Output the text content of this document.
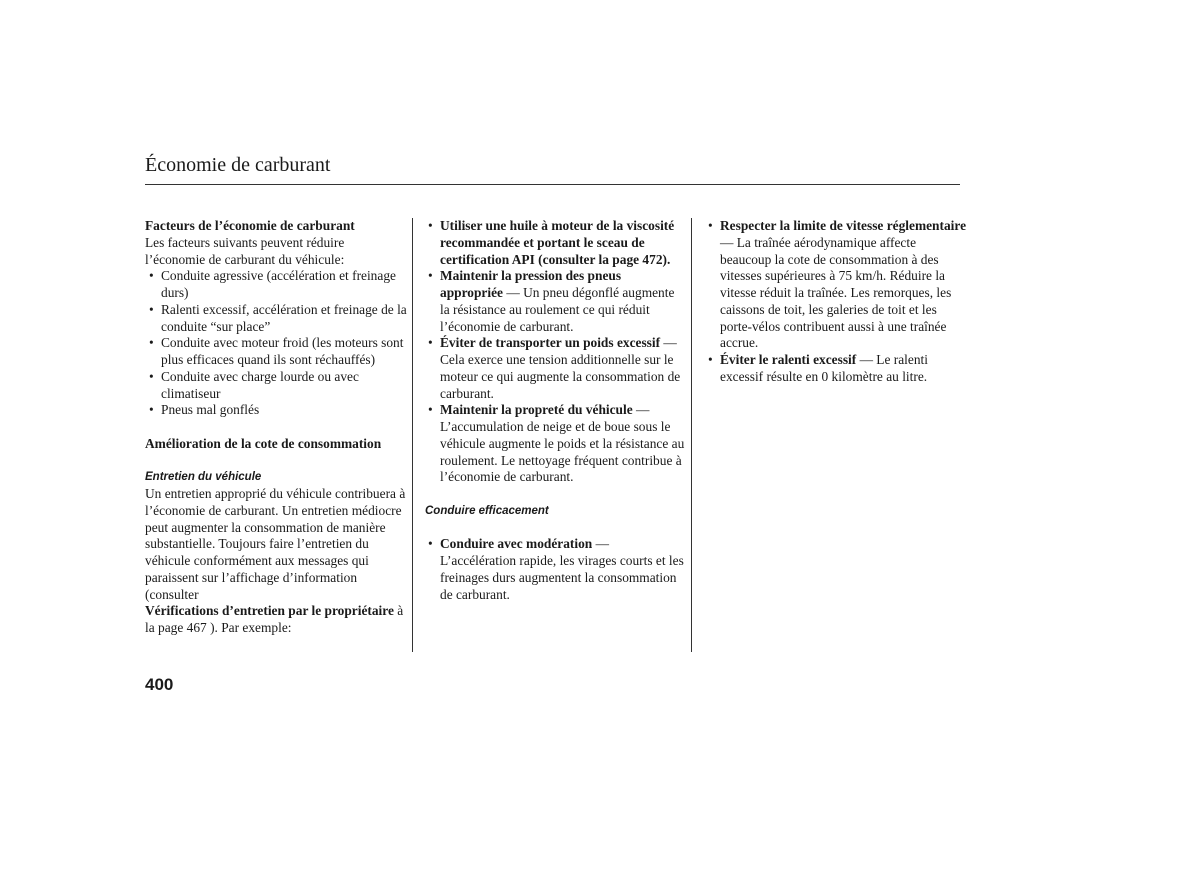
Économie de carburant
Facteurs de l’économie de carburant

Les facteurs suivants peuvent réduire l’économie de carburant du véhicule:

• Conduite agressive (accélération et freinage durs)
• Ralenti excessif, accélération et freinage de la conduite “sur place”
• Conduite avec moteur froid (les moteurs sont plus efficaces quand ils sont réchauffés)
• Conduite avec charge lourde ou avec climatiseur
• Pneus mal gonflés
Amélioration de la cote de consommation
Entretien du véhicule

Un entretien approprié du véhicule contribuera à l’économie de carburant. Un entretien médiocre peut augmenter la consommation de manière substantielle. Toujours faire l’entretien du véhicule conformément aux messages qui paraissent sur l’affichage d’information (consulter
Vérifications d’entretien par le propriétaire à la page 467 ). Par exemple:

• Utiliser une huile à moteur de la viscosité recommandée et portant le sceau de certification API (consulter la page 472).
• Maintenir la pression des pneus appropriée — Un pneu dégonflé augmente la résistance au roulement ce qui réduit l’économie de carburant.
• Éviter de transporter un poids excessif — Cela exerce une tension additionnelle sur le moteur ce qui augmente la consommation de carburant.
• Maintenir la propreté du véhicule — L’accumulation de neige et de boue sous le véhicule augmente le poids et la résistance au roulement. Le nettoyage fréquent contribue à l’économie de carburant.
Conduire efficacement
• Conduire avec modération — L’accélération rapide, les virages courts et les freinages durs augmentent la consommation de carburant.
• Respecter la limite de vitesse réglementaire — La traînée aérodynamique affecte beaucoup la cote de consommation à des vitesses supérieures à 75 km/h. Réduire la vitesse réduit la traînée. Les remorques, les caissons de toit, les galeries de toit et les porte-vélos contribuent aussi à une traînée accrue.
• Éviter le ralenti excessif — Le ralenti excessif résulte en 0 kilomètre au litre.
400
